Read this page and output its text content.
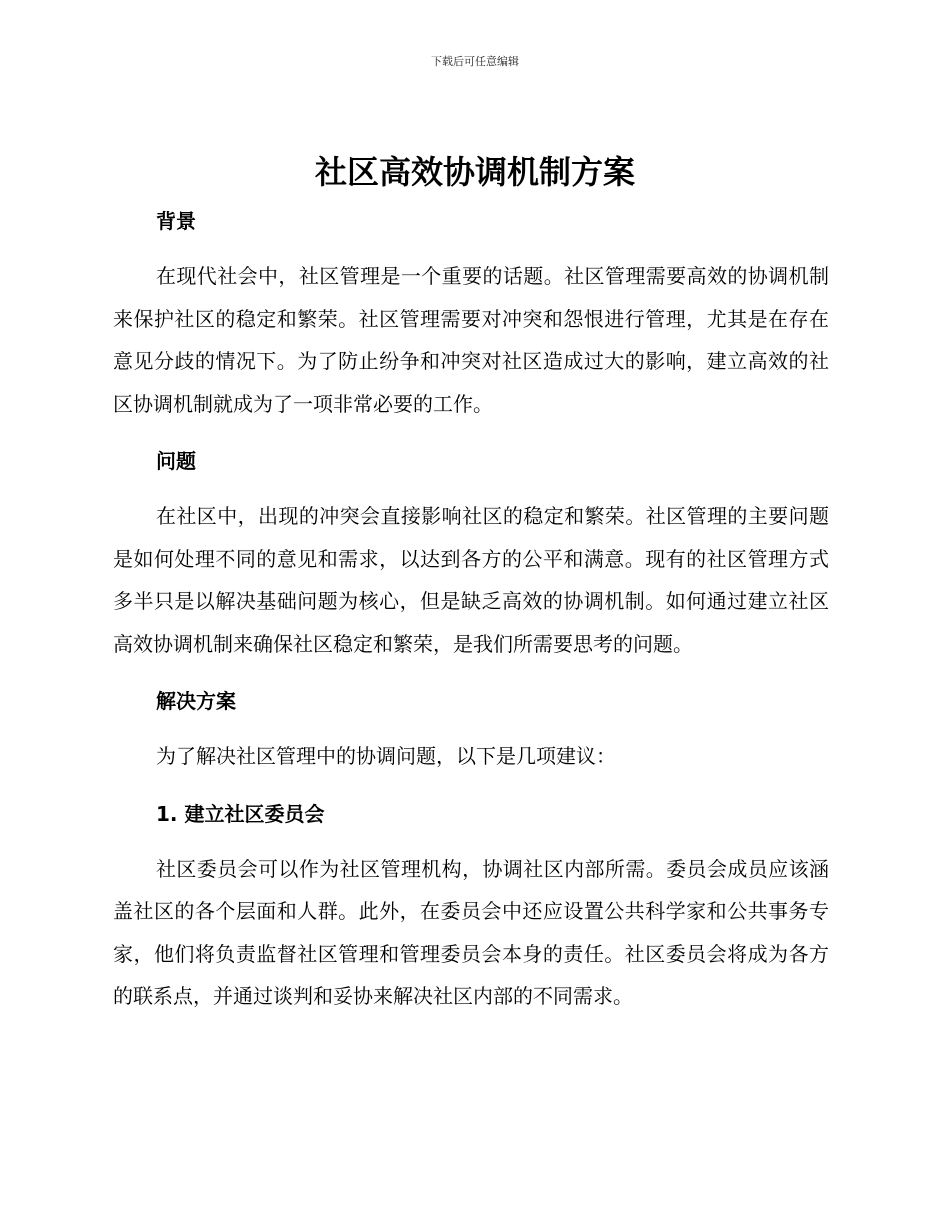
下载后可任意编辑
社区高效协调机制方案
背景

在现代社会中，社区管理是一个重要的话题。社区管理需要高效的协调机制来保护社区的稳定和繁荣。社区管理需要对冲突和怨恨进行管理，尤其是在存在意见分歧的情况下。为了防止纷争和冲突对社区造成过大的影响，建立高效的社区协调机制就成为了一项非常必要的工作。

问题

在社区中，出现的冲突会直接影响社区的稳定和繁荣。社区管理的主要问题是如何处理不同的意见和需求，以达到各方的公平和满意。现有的社区管理方式多半只是以解决基础问题为核心，但是缺乏高效的协调机制。如何通过建立社区高效协调机制来确保社区稳定和繁荣，是我们所需要思考的问题。

解决方案

为了解决社区管理中的协调问题，以下是几项建议：

1. 建立社区委员会

社区委员会可以作为社区管理机构，协调社区内部所需。委员会成员应该涵盖社区的各个层面和人群。此外，在委员会中还应设置公共科学家和公共事务专家，他们将负责监督社区管理和管理委员会本身的责任。社区委员会将成为各方的联系点，并通过谈判和妥协来解决社区内部的不同需求。
